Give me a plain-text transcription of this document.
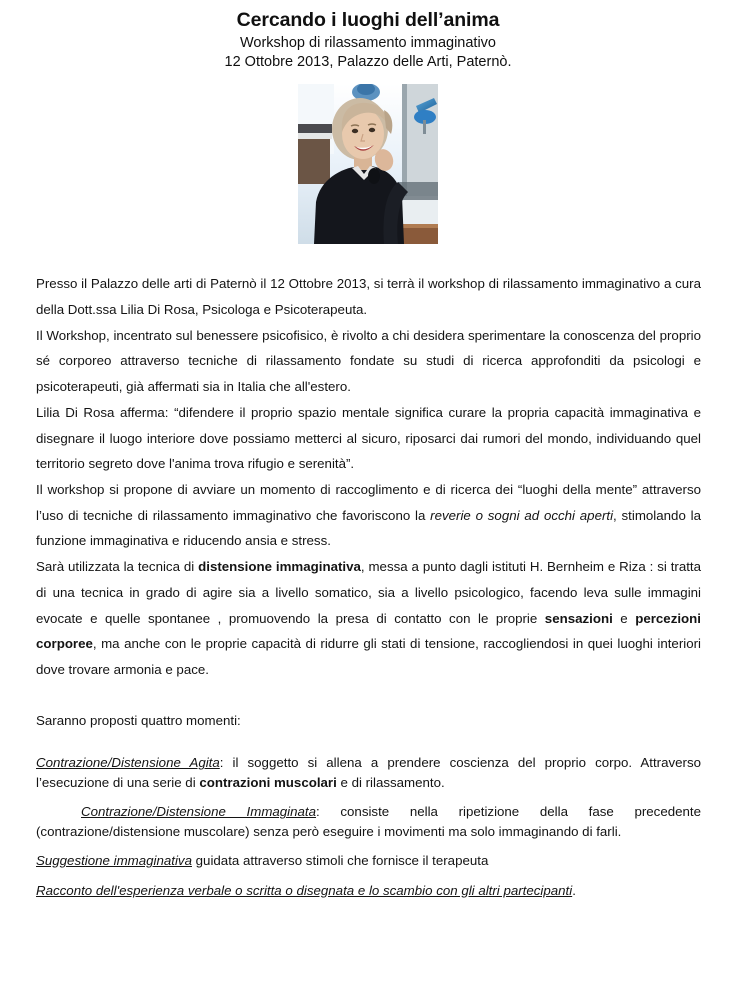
Cercando i luoghi dell’anima
Workshop di rilassamento immaginativo
12 Ottobre 2013, Palazzo delle Arti, Paternò.

Presso il Palazzo delle arti di Paternò il 12 Ottobre 2013, si terrà il workshop di rilassamento immaginativo a cura della Dott.ssa Lilia Di Rosa, Psicologa e Psicoterapeuta.

Il Workshop, incentrato sul benessere psicofisico, è rivolto a chi desidera sperimentare la conoscenza del proprio sé corporeo attraverso tecniche di rilassamento fondate su studi di ricerca approfonditi da psicologi e psicoterapeuti, già affermati sia in Italia che all'estero.

Lilia Di Rosa afferma: “difendere il proprio spazio mentale significa curare la propria capacità immaginativa e disegnare il luogo interiore dove possiamo metterci al sicuro, riposarci dai rumori del mondo, individuando quel territorio segreto dove l'anima trova rifugio e serenità”.

Il workshop si propone di avviare un momento di raccoglimento e di ricerca dei “luoghi della mente” attraverso l’uso di tecniche di rilassamento immaginativo che favoriscono la reverie o sogni ad occhi aperti, stimolando la funzione immaginativa e riducendo ansia e stress.

Sarà utilizzata la tecnica di distensione immaginativa, messa a punto dagli istituti H. Bernheim e Riza : si tratta di una tecnica in grado di agire sia a livello somatico, sia a livello psicologico, facendo leva sulle immagini evocate e quelle spontanee , promuovendo la presa di contatto con le proprie sensazioni e percezioni corporee, ma anche con le proprie capacità di ridurre gli stati di tensione, raccogliendosi in quei luoghi interiori dove trovare armonia e pace.

Saranno proposti quattro momenti:

Contrazione/Distensione Agita: il soggetto si allena a prendere coscienza del proprio corpo. Attraverso l’esecuzione di una serie di contrazioni muscolari e di rilassamento.

Contrazione/Distensione Immaginata: consiste nella ripetizione della fase precedente (contrazione/distensione muscolare) senza però eseguire i movimenti ma solo immaginando di farli.

Suggestione immaginativa guidata attraverso stimoli che fornisce il terapeuta

Racconto dell'esperienza verbale o scritta o disegnata e lo scambio con gli altri partecipanti.
